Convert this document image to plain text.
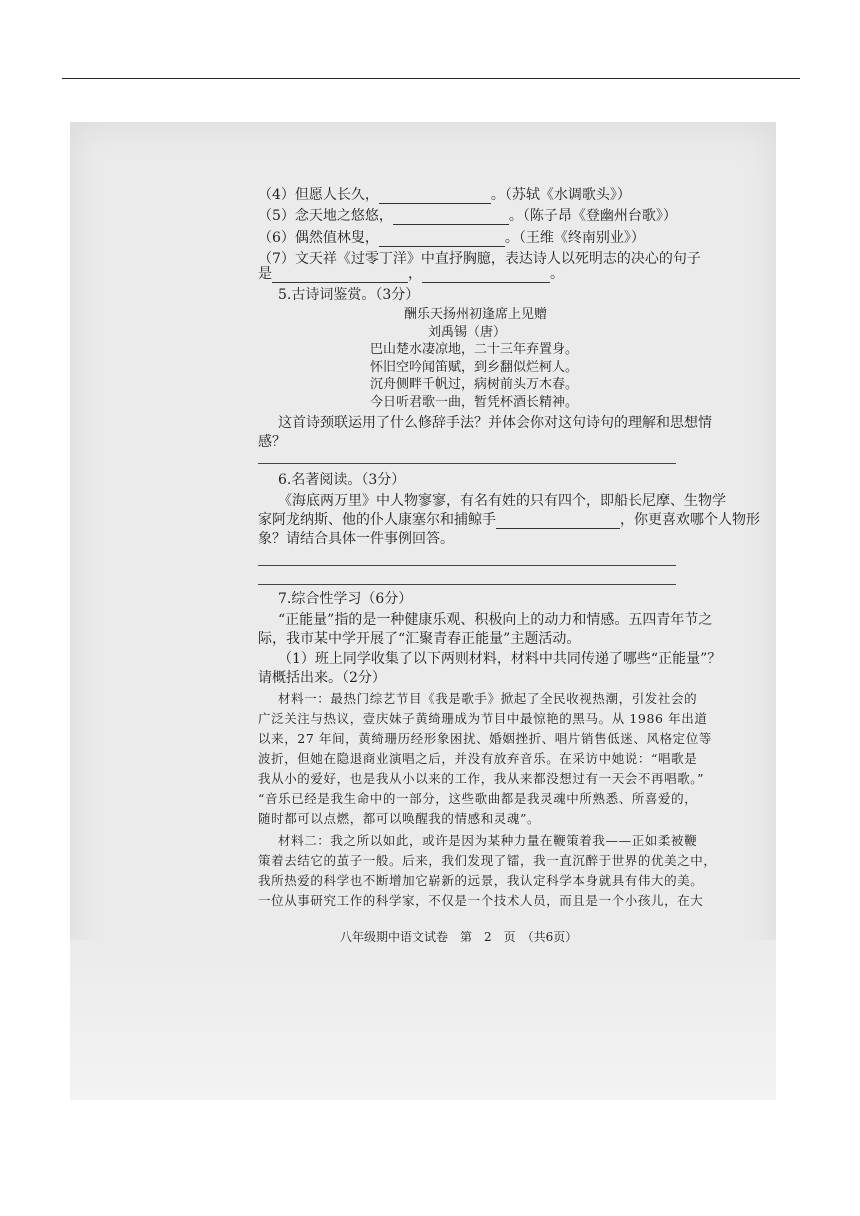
（4）但愿人长久，	。（苏轼《水调歌头》）
（5）念天地之悠悠，	。（陈子昂《登幽州台歌》）
（6）偶然值林叟，	。（王维《终南别业》）
（7）文天祥《过零丁洋》中直抒胸臆，表达诗人以死明志的决心的句子
是	，	。
5.古诗词鉴赏。（3分）
酬乐天扬州初逢席上见赠
刘禹锡（唐）
巴山楚水凄凉地，二十三年弃置身。
怀旧空吟闻笛赋，到乡翻似烂柯人。
沉舟侧畔千帆过，病树前头万木春。
今日听君歌一曲，暂凭杯酒长精神。
这首诗颈联运用了什么修辞手法？并体会你对这句诗句的理解和思想情
感？
6.名著阅读。（3分）
《海底两万里》中人物寥寥，有名有姓的只有四个，即船长尼摩、生物学
家阿龙纳斯、他的仆人康塞尔和捕鲸手	，你更喜欢哪个人物形
象？请结合具体一件事例回答。
7.综合性学习（6分）
“正能量”指的是一种健康乐观、积极向上的动力和情感。五四青年节之
际，我市某中学开展了“汇聚青春正能量”主题活动。
（1）班上同学收集了以下两则材料，材料中共同传递了哪些“正能量”？
请概括出来。（2分）
材料一：最热门综艺节目《我是歌手》掀起了全民收视热潮，引发社会的
广泛关注与热议，壹庆妹子黄绮珊成为节目中最惊艳的黑马。从 1986 年出道
以来，27 年间，黄绮珊历经形象困扰、婚姻挫折、唱片销售低迷、风格定位等
波折，但她在隐退商业演唱之后，并没有放弃音乐。在采访中她说：“唱歌是
我从小的爱好，也是我从小以来的工作，我从来都没想过有一天会不再唱歌。”
“音乐已经是我生命中的一部分，这些歌曲都是我灵魂中所熟悉、所喜爱的，
随时都可以点燃，都可以唤醒我的情感和灵魂”。
材料二：我之所以如此，或许是因为某种力量在鞭策着我——正如柔被鞭
策着去结它的茧子一般。后来，我们发现了镭，我一直沉醉于世界的优美之中，
我所热爱的科学也不断增加它崭新的远景，我认定科学本身就具有伟大的美。
一位从事研究工作的科学家，不仅是一个技术人员，而且是一个小孩儿，在大
八年级期中语文试卷　第　2　页　（共6页）
